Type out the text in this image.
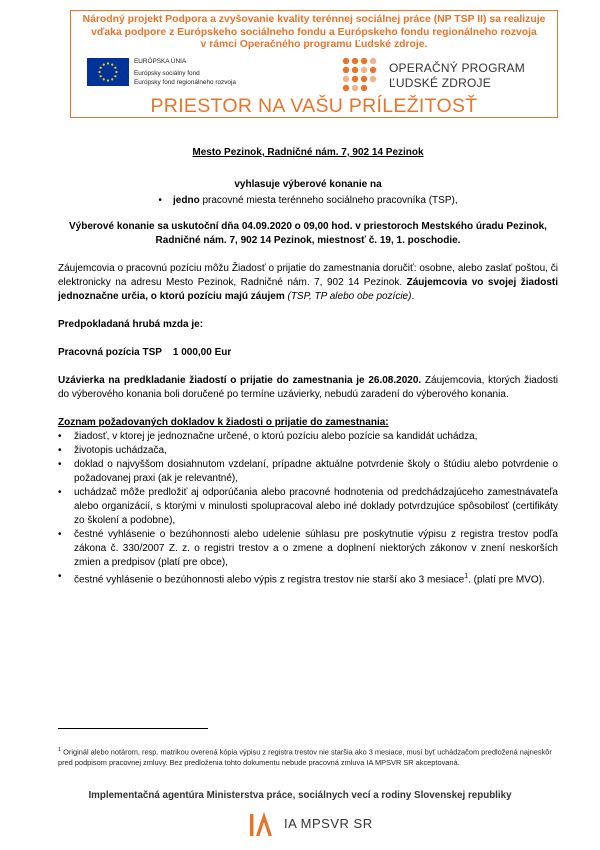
Národný projekt Podpora a zvyšovanie kvality terénnej sociálnej práce (NP TSP II) sa realizuje
vďaka podpore z Európskeho sociálneho fondu a Európskeho fondu regionálneho rozvoja
v rámci Operačného programu Ľudské zdroje.
EURÓPSKA ÚNIA
Európsky sociálny fond
Európsky fond regionálneho rozvoja
OPERAČNÝ PROGRAM
ĽUDSKÉ ZDROJE
PRIESTOR NA VAŠU PRÍLEŽITOSŤ

Mesto Pezinok, Radničné nám. 7, 902 14 Pezinok

vyhlasuje výberové konanie na

• jedno pracovné miesta terénneho sociálneho pracovníka (TSP),

Výberové konanie sa uskutoční dňa 04.09.2020 o 09,00 hod. v priestoroch Mestského úradu Pezinok, Radničné nám. 7, 902 14 Pezinok, miestnosť č. 19, 1. poschodie.

Záujemcovia o pracovnú pozíciu môžu Žiadosť o prijatie do zamestnania doručiť: osobne, alebo zaslať poštou, či elektronicky na adresu Mesto Pezinok, Radničné nám. 7, 902 14 Pezinok. Záujemcovia vo svojej žiadosti jednoznačne určia, o ktorú pozíciu majú záujem (TSP, TP alebo obe pozície).

Predpokladaná hrubá mzda je:

Pracovná pozícia TSP    1 000,00 Eur

Uzávierka na predkladanie žiadostí o prijatie do zamestnania je 26.08.2020. Záujemcovia, ktorých žiadosti do výberového konania boli doručené po termíne uzávierky, nebudú zaradení do výberového konania.

Zoznam požadovaných dokladov k žiadosti o prijatie do zamestnania:

• žiadosť, v ktorej je jednoznačne určené, o ktorú pozíciu alebo pozície sa kandidát uchádza,
• životopis uchádzača,
• doklad o najvyššom dosiahnutom vzdelaní, prípadne aktuálne potvrdenie školy o štúdiu alebo potvrdenie o požadovanej praxi (ak je relevantné),
• uchádzač môže predložiť aj odporúčania alebo pracovné hodnotenia od predchádzajúceho zamestnávateľa alebo organizácií, s ktorými v minulosti spolupracoval alebo iné doklady potvrdzujúce spôsobilosť (certifikáty zo školení a podobne),
• čestné vyhlásenie o bezúhonnosti alebo udelenie súhlasu pre poskytnutie výpisu z registra trestov podľa zákona č. 330/2007 Z. z. o registri trestov a o zmene a doplnení niektorých zákonov v znení neskorších zmien a predpisov (platí pre obce),
• čestné vyhlásenie o bezúhonnosti alebo výpis z registra trestov nie starší ako 3 mesiace$^1$. (platí pre MVO).
$^1$ Originál alebo notárom, resp. matrikou overená kópia výpisu z registra trestov nie staršia ako 3 mesiace, musí byť uchádzačom predložená najneskôr pred podpisom pracovnej zmluvy. Bez predloženia tohto dokumentu nebude pracovná zmluva IA MPSVR SR akceptovaná.
Implementačná agentúra Ministerstva práce, sociálnych vecí a rodiny Slovenskej republiky
IA MPSVR SR
